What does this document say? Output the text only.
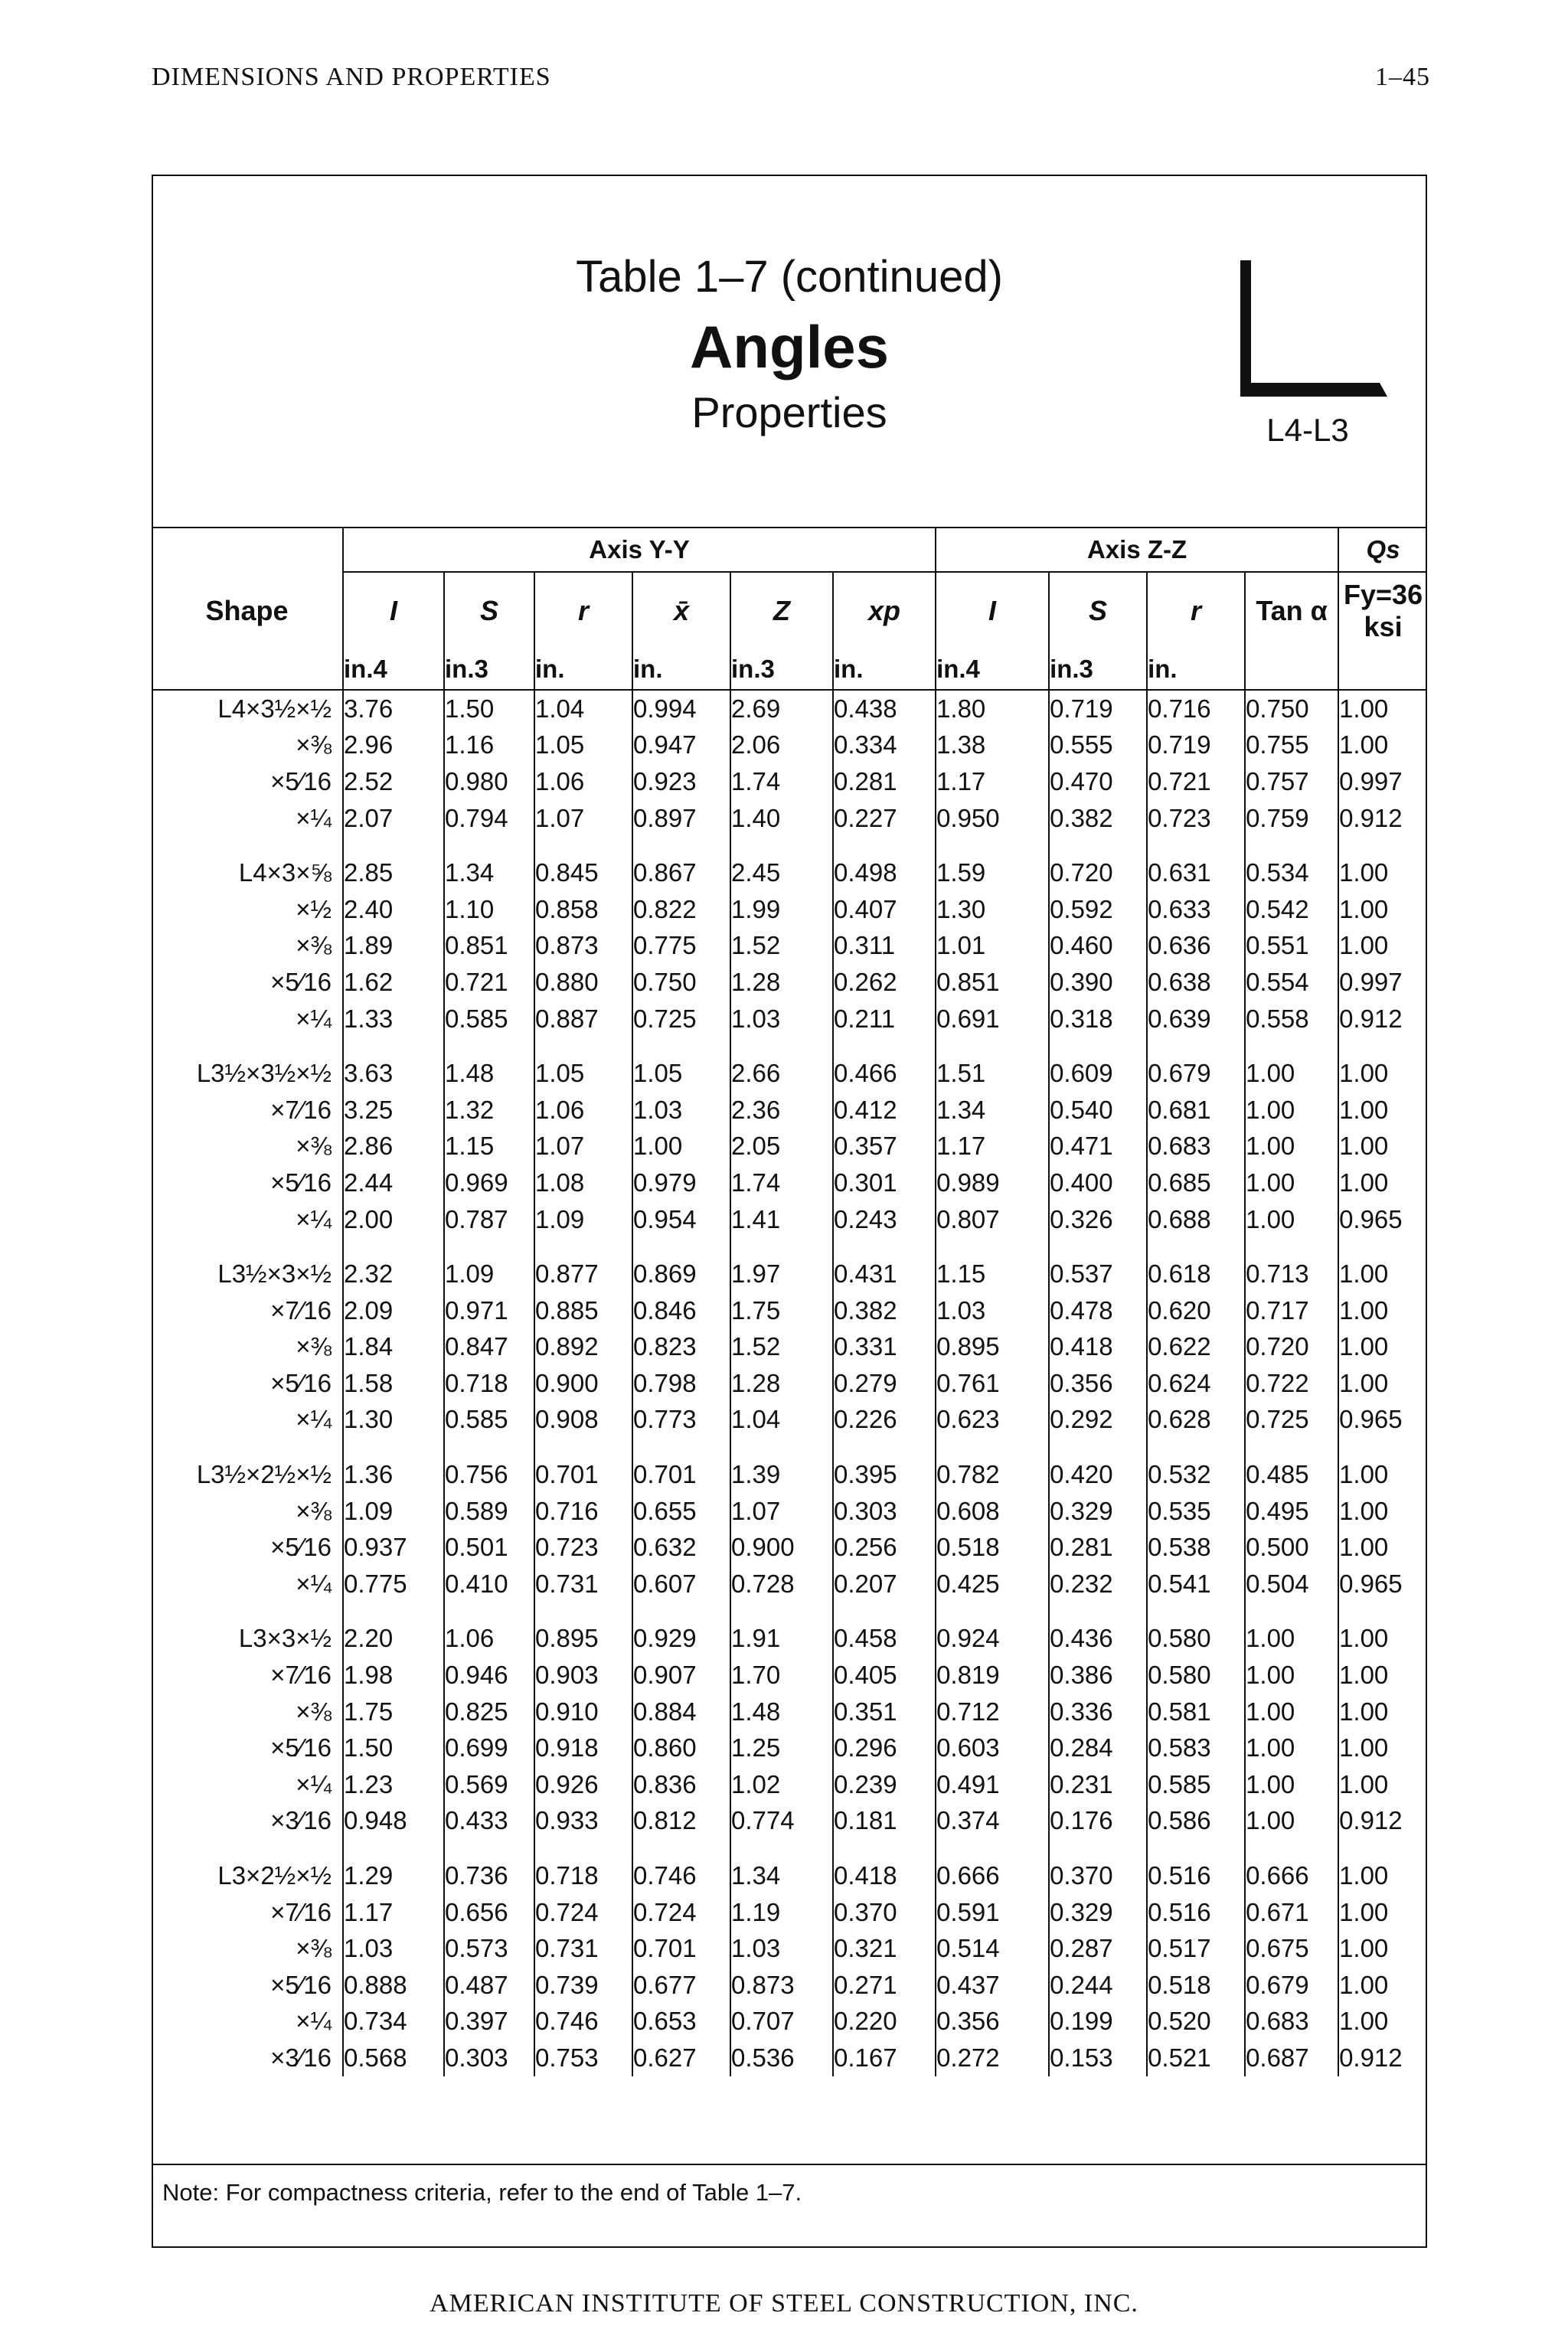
DIMENSIONS AND PROPERTIES	1–45
Table 1–7 (continued)
Angles
Properties	L4-L3
	Axis Y-Y						Axis Z-Z				Qs
Shape	I	S	r	x̄	Z	xp	I	S	r	Tan α	Fy=36 ksi
	in.4	in.3	in.	in.	in.3	in.	in.4	in.3	in.		
L4×3½×½	3.76	1.50	1.04	0.994	2.69	0.438	1.80	0.719	0.716	0.750	1.00
×⅜	2.96	1.16	1.05	0.947	2.06	0.334	1.38	0.555	0.719	0.755	1.00
×5⁄16	2.52	0.980	1.06	0.923	1.74	0.281	1.17	0.470	0.721	0.757	0.997
×¼	2.07	0.794	1.07	0.897	1.40	0.227	0.950	0.382	0.723	0.759	0.912

L4×3×⅝	2.85	1.34	0.845	0.867	2.45	0.498	1.59	0.720	0.631	0.534	1.00
×½	2.40	1.10	0.858	0.822	1.99	0.407	1.30	0.592	0.633	0.542	1.00
×⅜	1.89	0.851	0.873	0.775	1.52	0.311	1.01	0.460	0.636	0.551	1.00
×5⁄16	1.62	0.721	0.880	0.750	1.28	0.262	0.851	0.390	0.638	0.554	0.997
×¼	1.33	0.585	0.887	0.725	1.03	0.211	0.691	0.318	0.639	0.558	0.912

L3½×3½×½	3.63	1.48	1.05	1.05	2.66	0.466	1.51	0.609	0.679	1.00	1.00
×7⁄16	3.25	1.32	1.06	1.03	2.36	0.412	1.34	0.540	0.681	1.00	1.00
×⅜	2.86	1.15	1.07	1.00	2.05	0.357	1.17	0.471	0.683	1.00	1.00
×5⁄16	2.44	0.969	1.08	0.979	1.74	0.301	0.989	0.400	0.685	1.00	1.00
×¼	2.00	0.787	1.09	0.954	1.41	0.243	0.807	0.326	0.688	1.00	0.965

L3½×3×½	2.32	1.09	0.877	0.869	1.97	0.431	1.15	0.537	0.618	0.713	1.00
×7⁄16	2.09	0.971	0.885	0.846	1.75	0.382	1.03	0.478	0.620	0.717	1.00
×⅜	1.84	0.847	0.892	0.823	1.52	0.331	0.895	0.418	0.622	0.720	1.00
×5⁄16	1.58	0.718	0.900	0.798	1.28	0.279	0.761	0.356	0.624	0.722	1.00
×¼	1.30	0.585	0.908	0.773	1.04	0.226	0.623	0.292	0.628	0.725	0.965

L3½×2½×½	1.36	0.756	0.701	0.701	1.39	0.395	0.782	0.420	0.532	0.485	1.00
×⅜	1.09	0.589	0.716	0.655	1.07	0.303	0.608	0.329	0.535	0.495	1.00
×5⁄16	0.937	0.501	0.723	0.632	0.900	0.256	0.518	0.281	0.538	0.500	1.00
×¼	0.775	0.410	0.731	0.607	0.728	0.207	0.425	0.232	0.541	0.504	0.965

L3×3×½	2.20	1.06	0.895	0.929	1.91	0.458	0.924	0.436	0.580	1.00	1.00
×7⁄16	1.98	0.946	0.903	0.907	1.70	0.405	0.819	0.386	0.580	1.00	1.00
×⅜	1.75	0.825	0.910	0.884	1.48	0.351	0.712	0.336	0.581	1.00	1.00
×5⁄16	1.50	0.699	0.918	0.860	1.25	0.296	0.603	0.284	0.583	1.00	1.00
×¼	1.23	0.569	0.926	0.836	1.02	0.239	0.491	0.231	0.585	1.00	1.00
×3⁄16	0.948	0.433	0.933	0.812	0.774	0.181	0.374	0.176	0.586	1.00	0.912

L3×2½×½	1.29	0.736	0.718	0.746	1.34	0.418	0.666	0.370	0.516	0.666	1.00
×7⁄16	1.17	0.656	0.724	0.724	1.19	0.370	0.591	0.329	0.516	0.671	1.00
×⅜	1.03	0.573	0.731	0.701	1.03	0.321	0.514	0.287	0.517	0.675	1.00
×5⁄16	0.888	0.487	0.739	0.677	0.873	0.271	0.437	0.244	0.518	0.679	1.00
×¼	0.734	0.397	0.746	0.653	0.707	0.220	0.356	0.199	0.520	0.683	1.00
×3⁄16	0.568	0.303	0.753	0.627	0.536	0.167	0.272	0.153	0.521	0.687	0.912
Note: For compactness criteria, refer to the end of Table 1–7.
AMERICAN INSTITUTE OF STEEL CONSTRUCTION, INC.
